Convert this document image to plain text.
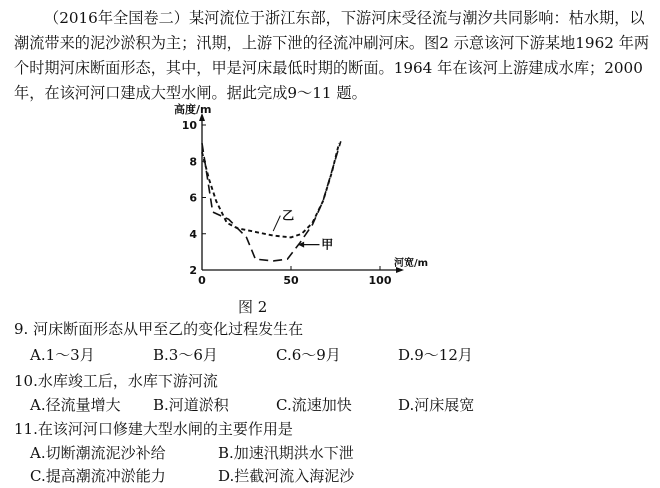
（2016年全国卷二）某河流位于浙江东部，下游河床受径流与潮汐共同影响：枯水期，以潮流带来的泥沙淤积为主；汛期，上游下泄的径流冲刷河床。图2 示意该河下游某地1962 年两个时期河床断面形态，其中，甲是河床最低时期的断面。1964 年在该河上游建成水库；2000 年，在该河河口建成大型水闸。据此完成9～11 题。

高度/m
河宽/m
2
4
6
8
10
0	50	100
乙
甲
图 2
9. 河床断面形态从甲至乙的变化过程发生在
A.1～3月	B.3～6月	C.6～9月	D.9～12月
10.水库竣工后，水库下游河流
A.径流量增大 B.河道淤积	C.流速加快	D.河床展宽
11.在该河河口修建大型水闸的主要作用是
A.切断潮流泥沙补给	B.加速汛期洪水下泄
C.提高潮流冲淤能力	D.拦截河流入海泥沙
